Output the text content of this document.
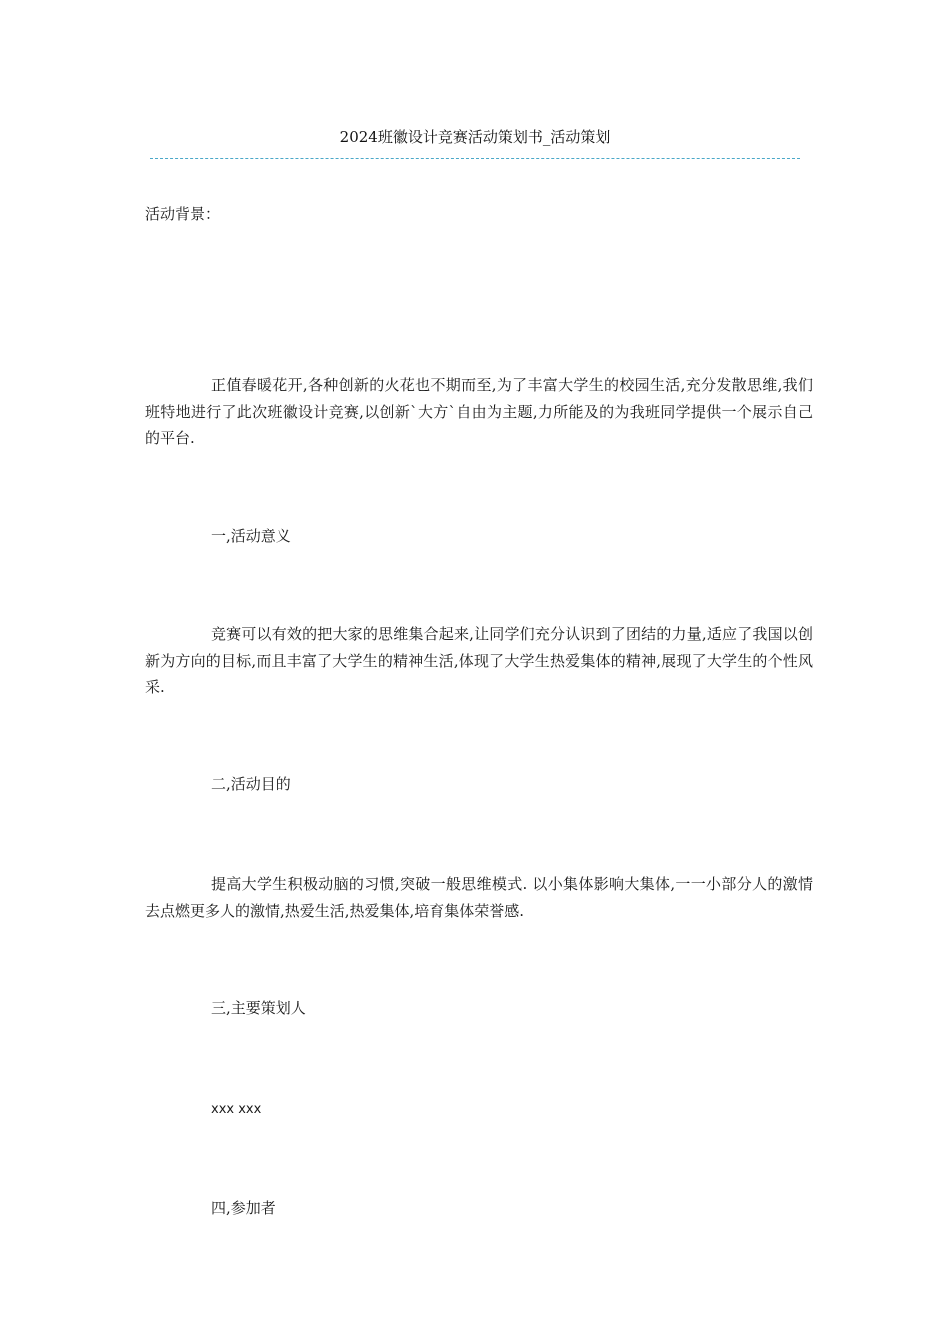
2024班徽设计竞赛活动策划书_活动策划
活动背景：
正值春暖花开,各种创新的火花也不期而至,为了丰富大学生的校园生活,充分发散思维,我们班特地进行了此次班徽设计竞赛,以创新`大方`自由为主题,力所能及的为我班同学提供一个展示自己的平台.
一,活动意义
竞赛可以有效的把大家的思维集合起来,让同学们充分认识到了团结的力量,适应了我国以创新为方向的目标,而且丰富了大学生的精神生活,体现了大学生热爱集体的精神,展现了大学生的个性风采.
二,活动目的
提高大学生积极动脑的习惯,突破一般思维模式. 以小集体影响大集体,一一小部分人的激情去点燃更多人的激情,热爱生活,热爱集体,培育集体荣誉感.
三,主要策划人
xxx xxx
四,参加者
